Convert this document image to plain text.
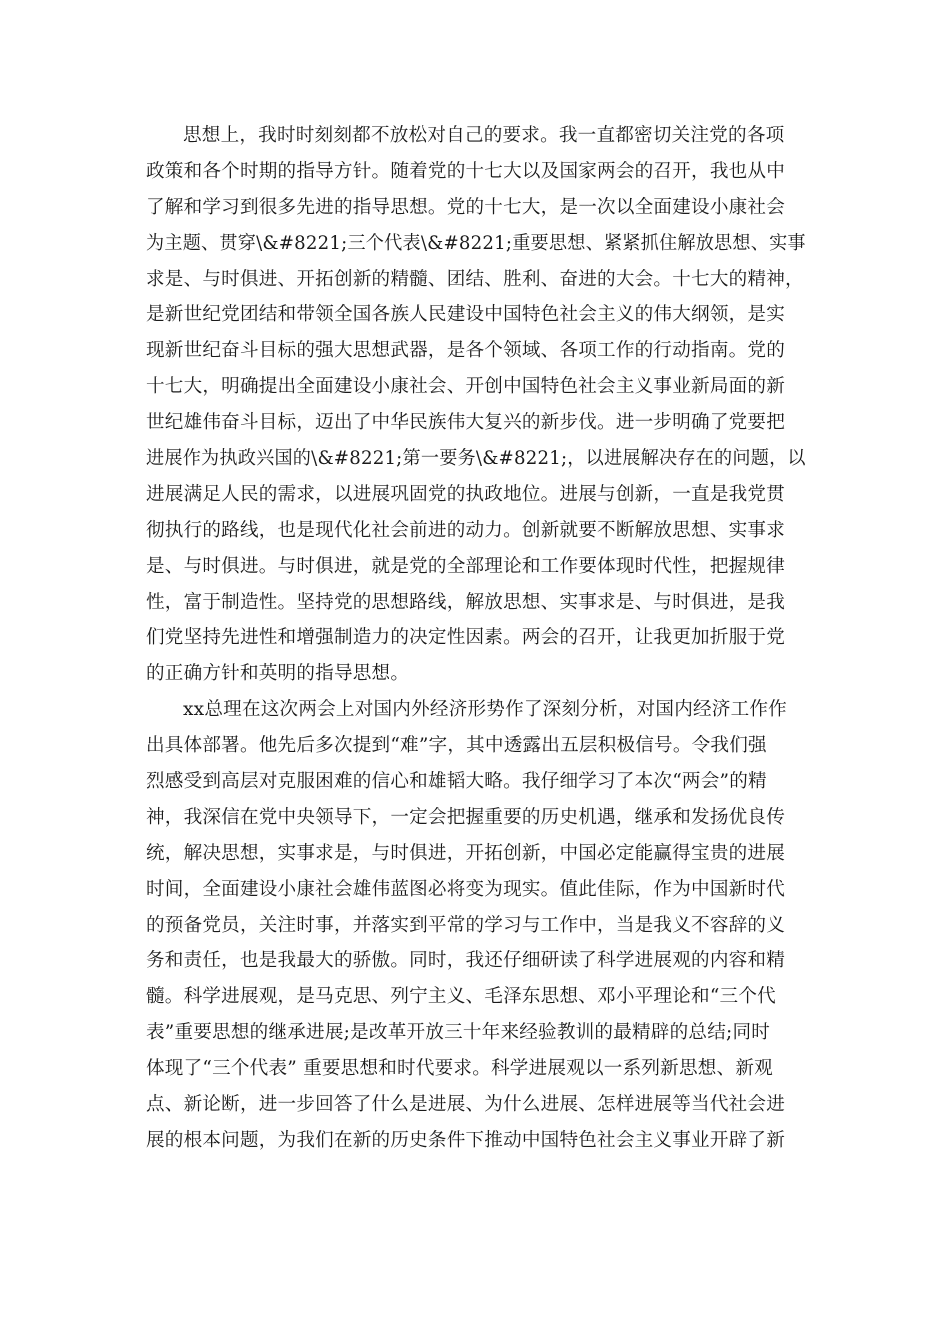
思想上，我时时刻刻都不放松对自己的要求。我一直都密切关注党的各项
政策和各个时期的指导方针。随着党的十七大以及国家两会的召开，我也从中
了解和学习到很多先进的指导思想。党的十七大，是一次以全面建设小康社会
为主题、贯穿\&#8221;三个代表\&#8221;重要思想、紧紧抓住解放思想、实事
求是、与时俱进、开拓创新的精髓、团结、胜利、奋进的大会。十七大的精神，
是新世纪党团结和带领全国各族人民建设中国特色社会主义的伟大纲领，是实
现新世纪奋斗目标的强大思想武器，是各个领域、各项工作的行动指南。党的
十七大，明确提出全面建设小康社会、开创中国特色社会主义事业新局面的新
世纪雄伟奋斗目标，迈出了中华民族伟大复兴的新步伐。进一步明确了党要把
进展作为执政兴国的\&#8221;第一要务\&#8221;，以进展解决存在的问题，以
进展满足人民的需求，以进展巩固党的执政地位。进展与创新，一直是我党贯
彻执行的路线，也是现代化社会前进的动力。创新就要不断解放思想、实事求
是、与时俱进。与时俱进，就是党的全部理论和工作要体现时代性，把握规律
性，富于制造性。坚持党的思想路线，解放思想、实事求是、与时俱进，是我
们党坚持先进性和增强制造力的决定性因素。两会的召开，让我更加折服于党
的正确方针和英明的指导思想。
xx总理在这次两会上对国内外经济形势作了深刻分析，对国内经济工作作
出具体部署。他先后多次提到“难”字，其中透露出五层积极信号。令我们强
烈感受到高层对克服困难的信心和雄韬大略。我仔细学习了本次“两会”的精
神，我深信在党中央领导下，一定会把握重要的历史机遇，继承和发扬优良传
统，解决思想，实事求是，与时俱进，开拓创新，中国必定能赢得宝贵的进展
时间，全面建设小康社会雄伟蓝图必将变为现实。值此佳际，作为中国新时代
的预备党员，关注时事，并落实到平常的学习与工作中，当是我义不容辞的义
务和责任，也是我最大的骄傲。同时，我还仔细研读了科学进展观的内容和精
髓。科学进展观，是马克思、列宁主义、毛泽东思想、邓小平理论和“三个代
表”重要思想的继承进展;是改革开放三十年来经验教训的最精辟的总结;同时
体现了“三个代表” 重要思想和时代要求。科学进展观以一系列新思想、新观
点、新论断，进一步回答了什么是进展、为什么进展、怎样进展等当代社会进
展的根本问题，为我们在新的历史条件下推动中国特色社会主义事业开辟了新
